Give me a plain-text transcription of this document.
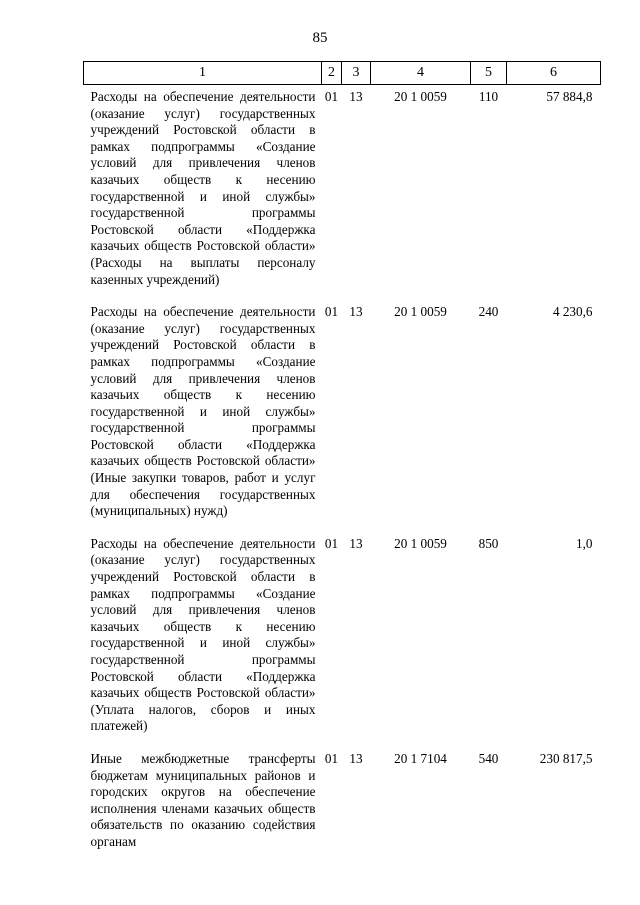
85
1	2	3	4	5	6
Расходы на обеспечение деятельности (оказание услуг) государственных учреждений Ростовской области в рамках подпрограммы «Создание условий для привлечения членов казачьих обществ к несению государственной и иной службы» государственной программы Ростовской области «Поддержка казачьих обществ Ростовской области» (Расходы на выплаты персоналу казенных учреждений)	01	13	20 1 0059	110	57 884,8
Расходы на обеспечение деятельности (оказание услуг) государственных учреждений Ростовской области в рамках подпрограммы «Создание условий для привлечения членов казачьих обществ к несению государственной и иной службы» государственной программы Ростовской области «Поддержка казачьих обществ Ростовской области» (Иные закупки товаров, работ и услуг для обеспечения государственных (муниципальных) нужд)	01	13	20 1 0059	240	4 230,6
Расходы на обеспечение деятельности (оказание услуг) государственных учреждений Ростовской области в рамках подпрограммы «Создание условий для привлечения членов казачьих обществ к несению государственной и иной службы» государственной программы Ростовской области «Поддержка казачьих обществ Ростовской области» (Уплата налогов, сборов и иных платежей)	01	13	20 1 0059	850	1,0
Иные межбюджетные трансферты бюджетам муниципальных районов и городских округов на обеспечение исполнения членами казачьих обществ обязательств по оказанию содействия органам	01	13	20 1 7104	540	230 817,5
